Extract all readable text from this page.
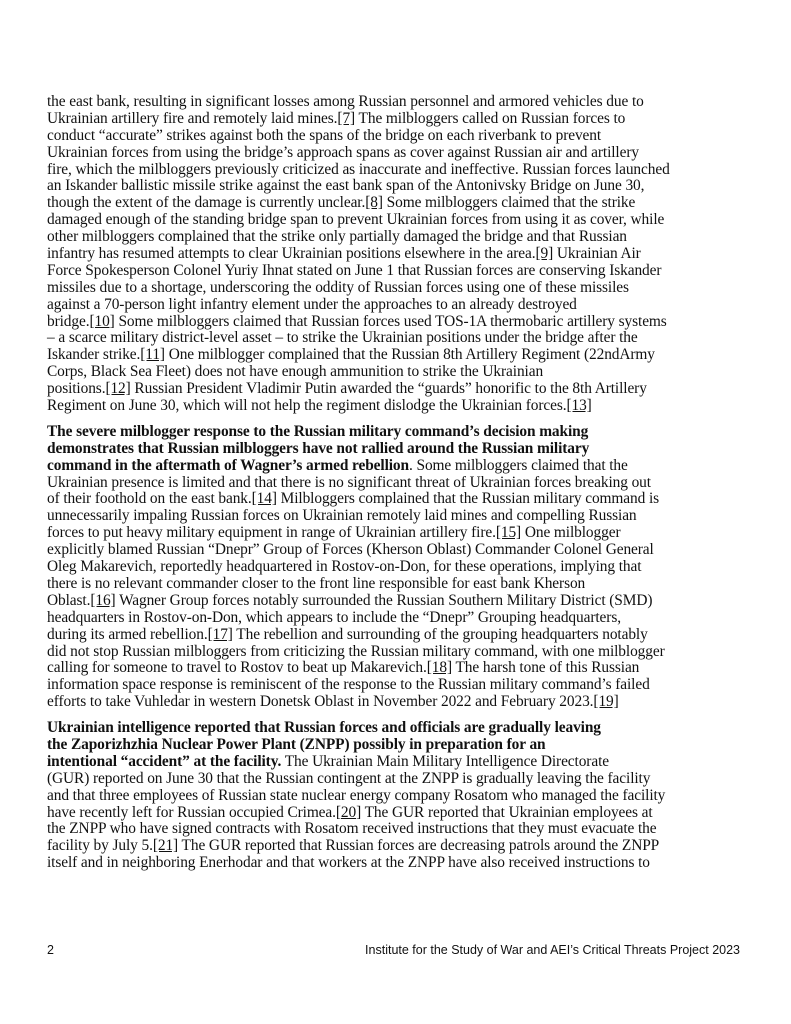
the east bank, resulting in significant losses among Russian personnel and armored vehicles due to
Ukrainian artillery fire and remotely laid mines.[7] The milbloggers called on Russian forces to
conduct “accurate” strikes against both the spans of the bridge on each riverbank to prevent
Ukrainian forces from using the bridge’s approach spans as cover against Russian air and artillery
fire, which the milbloggers previously criticized as inaccurate and ineffective. Russian forces launched
an Iskander ballistic missile strike against the east bank span of the Antonivsky Bridge on June 30,
though the extent of the damage is currently unclear.[8] Some milbloggers claimed that the strike
damaged enough of the standing bridge span to prevent Ukrainian forces from using it as cover, while
other milbloggers complained that the strike only partially damaged the bridge and that Russian
infantry has resumed attempts to clear Ukrainian positions elsewhere in the area.[9] Ukrainian Air
Force Spokesperson Colonel Yuriy Ihnat stated on June 1 that Russian forces are conserving Iskander
missiles due to a shortage, underscoring the oddity of Russian forces using one of these missiles
against a 70-person light infantry element under the approaches to an already destroyed
bridge.[10] Some milbloggers claimed that Russian forces used TOS-1A thermobaric artillery systems
– a scarce military district-level asset – to strike the Ukrainian positions under the bridge after the
Iskander strike.[11] One milblogger complained that the Russian 8th Artillery Regiment (22ndArmy
Corps, Black Sea Fleet) does not have enough ammunition to strike the Ukrainian
positions.[12] Russian President Vladimir Putin awarded the “guards” honorific to the 8th Artillery
Regiment on June 30, which will not help the regiment dislodge the Ukrainian forces.[13]
The severe milblogger response to the Russian military command’s decision making
demonstrates that Russian milbloggers have not rallied around the Russian military
command in the aftermath of Wagner’s armed rebellion. Some milbloggers claimed that the
Ukrainian presence is limited and that there is no significant threat of Ukrainian forces breaking out
of their foothold on the east bank.[14] Milbloggers complained that the Russian military command is
unnecessarily impaling Russian forces on Ukrainian remotely laid mines and compelling Russian
forces to put heavy military equipment in range of Ukrainian artillery fire.[15] One milblogger
explicitly blamed Russian “Dnepr” Group of Forces (Kherson Oblast) Commander Colonel General
Oleg Makarevich, reportedly headquartered in Rostov-on-Don, for these operations, implying that
there is no relevant commander closer to the front line responsible for east bank Kherson
Oblast.[16] Wagner Group forces notably surrounded the Russian Southern Military District (SMD)
headquarters in Rostov-on-Don, which appears to include the “Dnepr” Grouping headquarters,
during its armed rebellion.[17] The rebellion and surrounding of the grouping headquarters notably
did not stop Russian milbloggers from criticizing the Russian military command, with one milblogger
calling for someone to travel to Rostov to beat up Makarevich.[18] The harsh tone of this Russian
information space response is reminiscent of the response to the Russian military command’s failed
efforts to take Vuhledar in western Donetsk Oblast in November 2022 and February 2023.[19]
Ukrainian intelligence reported that Russian forces and officials are gradually leaving
the Zaporizhzhia Nuclear Power Plant (ZNPP) possibly in preparation for an
intentional “accident” at the facility. The Ukrainian Main Military Intelligence Directorate
(GUR) reported on June 30 that the Russian contingent at the ZNPP is gradually leaving the facility
and that three employees of Russian state nuclear energy company Rosatom who managed the facility
have recently left for Russian occupied Crimea.[20] The GUR reported that Ukrainian employees at
the ZNPP who have signed contracts with Rosatom received instructions that they must evacuate the
facility by July 5.[21] The GUR reported that Russian forces are decreasing patrols around the ZNPP
itself and in neighboring Enerhodar and that workers at the ZNPP have also received instructions to
2	Institute for the Study of War and AEI’s Critical Threats Project 2023
